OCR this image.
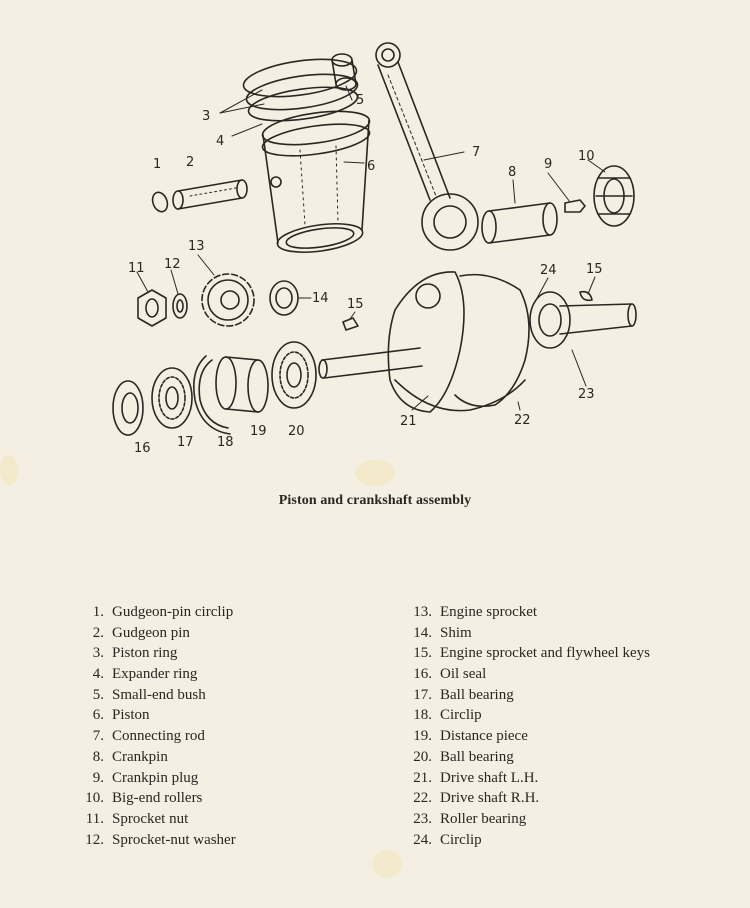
1 2
3
4
5
6
7
8
9
10
11 12
13
14 15
15
16 17 18
19 20
21	22
23
24
Piston and crankshaft assembly
1. Gudgeon-pin circlip
2. Gudgeon pin
3. Piston ring
4. Expander ring
5. Small-end bush
6. Piston
7. Connecting rod
8. Crankpin
9. Crankpin plug
10. Big-end rollers
11. Sprocket nut
12. Sprocket-nut washer
13. Engine sprocket
14. Shim
15. Engine sprocket and flywheel keys
16. Oil seal
17. Ball bearing
18. Circlip
19. Distance piece
20. Ball bearing
21. Drive shaft L.H.
22. Drive shaft R.H.
23. Roller bearing
24. Circlip
